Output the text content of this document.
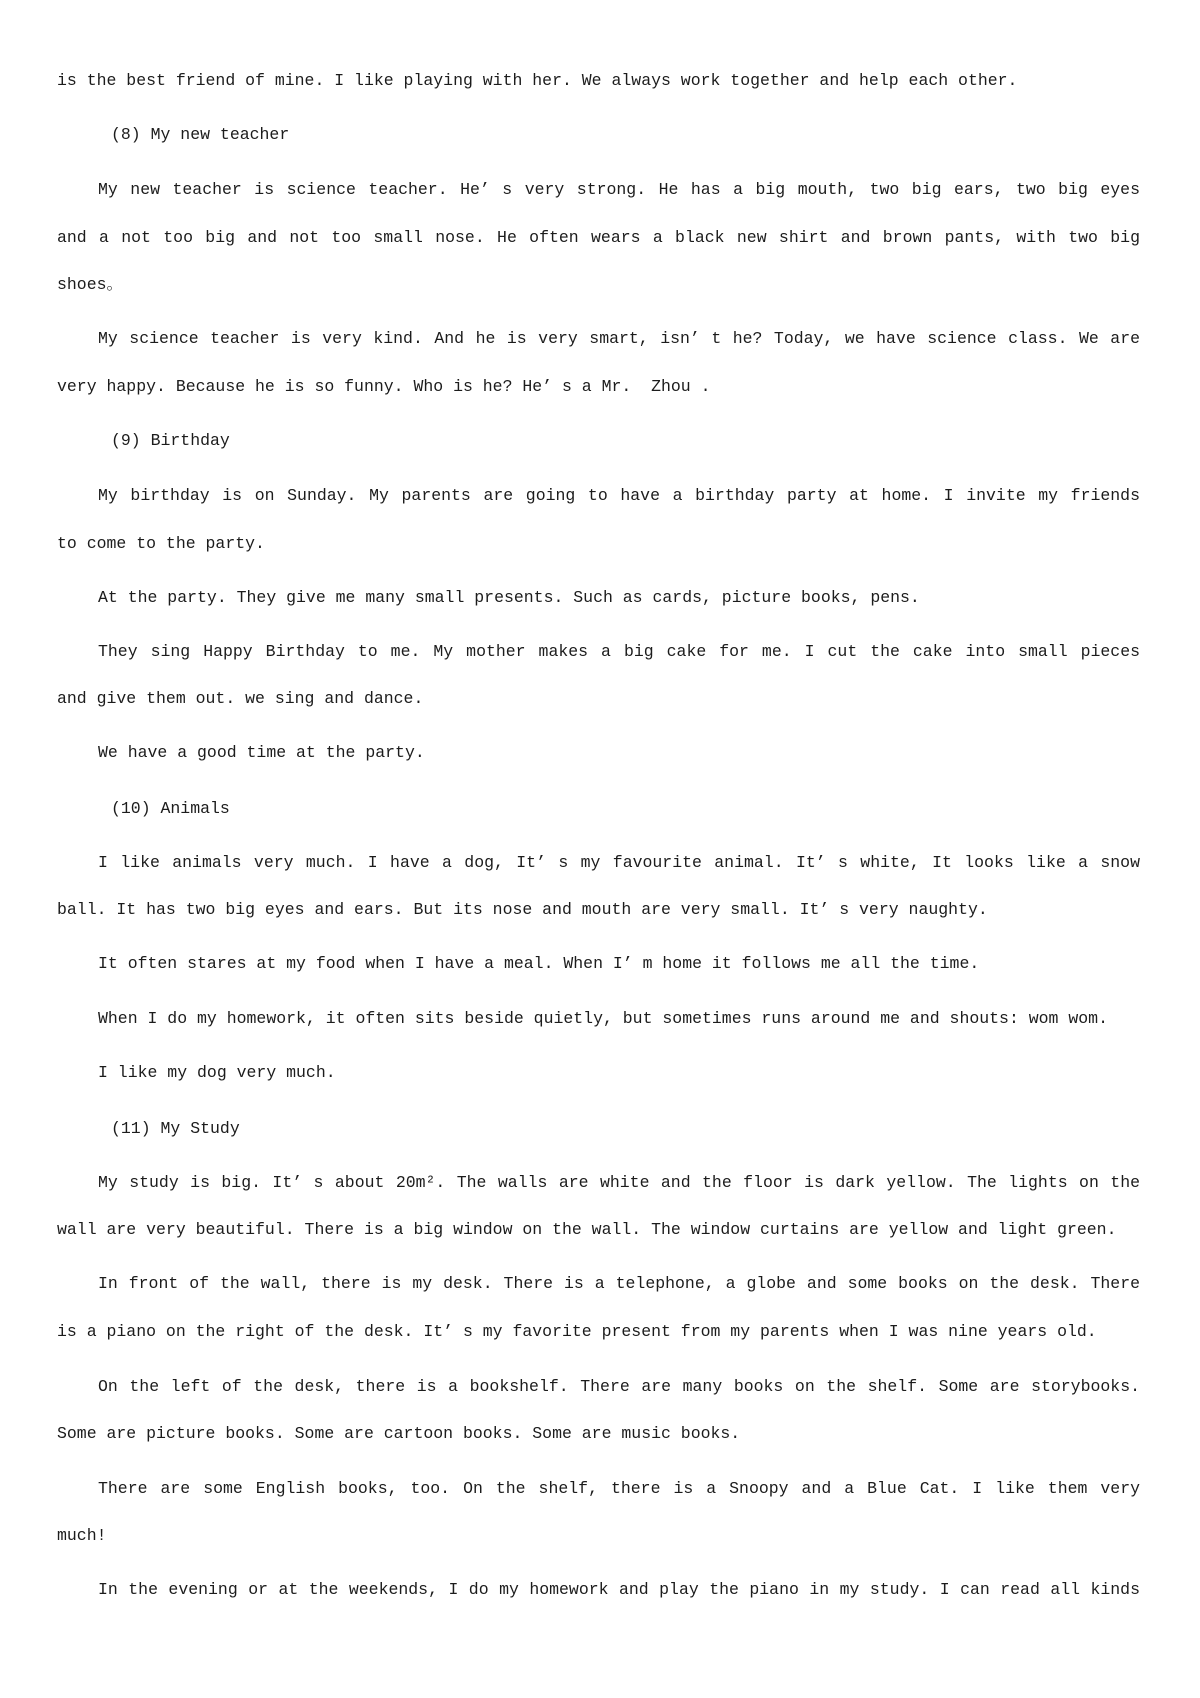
is the best friend of mine. I like playing with her. We always work together and help each other.
(8) My new teacher
My new teacher is science teacher. He’ s very strong. He has a big mouth, two big ears, two big eyes
and a not too big and not too small nose. He often wears a black new shirt and brown pants, with two big
shoes。
My science teacher is very kind. And he is very smart, isn’ t he? Today, we have science class. We are
very happy. Because he is so funny. Who is he? He’ s a Mr.  Zhou .
(9) Birthday
My birthday is on Sunday. My parents are going to have a birthday party at home. I invite my friends
to come to the party.
At the party. They give me many small presents. Such as cards, picture books, pens.
They sing Happy Birthday to me. My mother makes a big cake for me. I cut the cake into small pieces
and give them out. we sing and dance.
We have a good time at the party.
(10) Animals
I like animals very much. I have a dog, It’ s my favourite animal. It’ s white, It looks like a snow
ball. It has two big eyes and ears. But its nose and mouth are very small. It’ s very naughty.
It often stares at my food when I have a meal. When I’ m home it follows me all the time.
When I do my homework, it often sits beside quietly, but sometimes runs around me and shouts: wom wom.
I like my dog very much.
(11) My Study
My study is big. It’ s about 20m². The walls are white and the floor is dark yellow. The lights on the
wall are very beautiful. There is a big window on the wall. The window curtains are yellow and light green.
In front of the wall, there is my desk. There is a telephone, a globe and some books on the desk. There
is a piano on the right of the desk. It’ s my favorite present from my parents when I was nine years old.
On the left of the desk, there is a bookshelf. There are many books on the shelf. Some are storybooks.
Some are picture books. Some are cartoon books. Some are music books.
There are some English books, too. On the shelf, there is a Snoopy and a Blue Cat. I like them very
much!
In the evening or at the weekends, I do my homework and play the piano in my study. I can read all kinds
